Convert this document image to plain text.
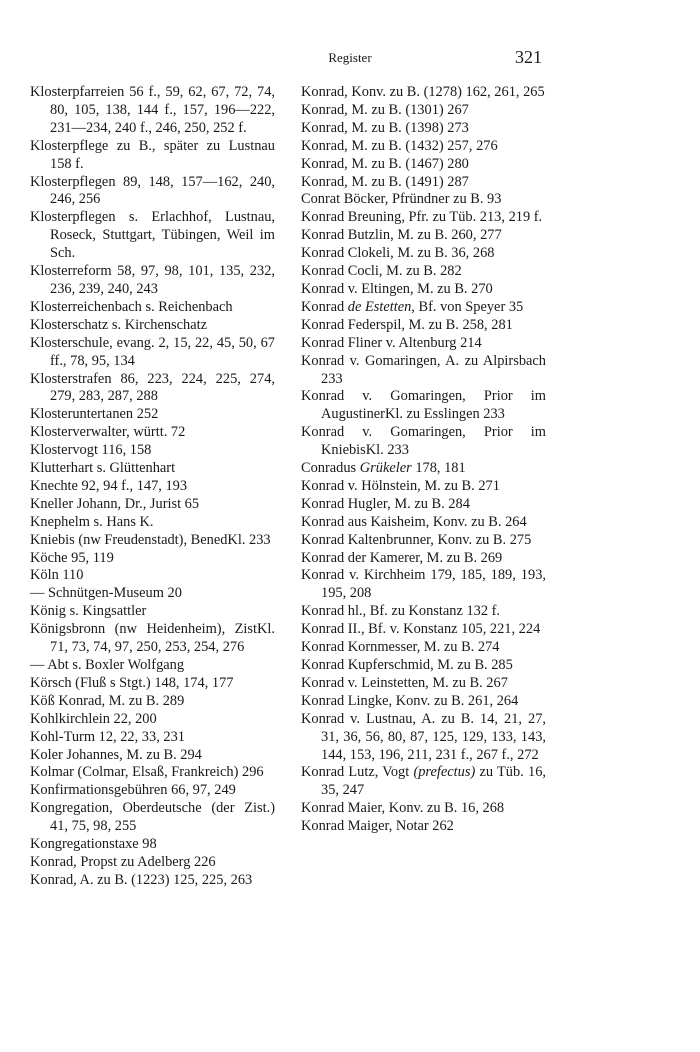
Register	321

Klosterpfarreien 56 f., 59, 62, 67, 72, 74, 80, 105, 138, 144 f., 157, 196—222, 231—234, 240 f., 246, 250, 252 f.

Klosterpflege zu B., später zu Lustnau 158 f.

Klosterpflegen 89, 148, 157—162, 240, 246, 256

Klosterpflegen s. Erlachhof, Lustnau, Roseck, Stuttgart, Tübingen, Weil im Sch.

Klosterreform 58, 97, 98, 101, 135, 232, 236, 239, 240, 243

Klosterreichenbach s. Reichenbach

Klosterschatz s. Kirchenschatz

Klosterschule, evang. 2, 15, 22, 45, 50, 67 ff., 78, 95, 134

Klosterstrafen 86, 223, 224, 225, 274, 279, 283, 287, 288

Klosteruntertanen 252

Klosterverwalter, württ. 72

Klostervogt 116, 158

Klutterhart s. Glüttenhart

Knechte 92, 94 f., 147, 193

Kneller Johann, Dr., Jurist 65

Knephelm s. Hans K.

Kniebis (nw Freudenstadt), BenedKl. 233

Köche 95, 119

Köln 110

— Schnütgen-Museum 20

König s. Kingsattler

Königsbronn (nw Heidenheim), ZistKl. 71, 73, 74, 97, 250, 253, 254, 276

— Abt s. Boxler Wolfgang

Körsch (Fluß s Stgt.) 148, 174, 177

Köß Konrad, M. zu B. 289

Kohlkirchlein 22, 200

Kohl-Turm 12, 22, 33, 231

Koler Johannes, M. zu B. 294

Kolmar (Colmar, Elsaß, Frankreich) 296

Konfirmationsgebühren 66, 97, 249

Kongregation, Oberdeutsche (der Zist.) 41, 75, 98, 255

Kongregationstaxe 98

Konrad, Propst zu Adelberg 226

Konrad, A. zu B. (1223) 125, 225, 263

Konrad, Konv. zu B. (1278) 162, 261, 265

Konrad, M. zu B. (1301) 267

Konrad, M. zu B. (1398) 273

Konrad, M. zu B. (1432) 257, 276

Konrad, M. zu B. (1467) 280

Konrad, M. zu B. (1491) 287

Conrat Böcker, Pfründner zu B. 93

Konrad Breuning, Pfr. zu Tüb. 213, 219 f.

Konrad Butzlin, M. zu B. 260, 277

Konrad Clokeli, M. zu B. 36, 268

Konrad Cocli, M. zu B. 282

Konrad v. Eltingen, M. zu B. 270

Konrad de Estetten, Bf. von Speyer 35

Konrad Federspil, M. zu B. 258, 281

Konrad Fliner v. Altenburg 214

Konrad v. Gomaringen, A. zu Alpirsbach 233

Konrad v. Gomaringen, Prior im AugustinerKl. zu Esslingen 233

Konrad v. Gomaringen, Prior im KniebisKl. 233

Conradus Grükeler 178, 181

Konrad v. Hölnstein, M. zu B. 271

Konrad Hugler, M. zu B. 284

Konrad aus Kaisheim, Konv. zu B. 264

Konrad Kaltenbrunner, Konv. zu B. 275

Konrad der Kamerer, M. zu B. 269

Konrad v. Kirchheim 179, 185, 189, 193, 195, 208

Konrad hl., Bf. zu Konstanz 132 f.

Konrad II., Bf. v. Konstanz 105, 221, 224

Konrad Kornmesser, M. zu B. 274

Konrad Kupferschmid, M. zu B. 285

Konrad v. Leinstetten, M. zu B. 267

Konrad Lingke, Konv. zu B. 261, 264

Konrad v. Lustnau, A. zu B. 14, 21, 27, 31, 36, 56, 80, 87, 125, 129, 133, 143, 144, 153, 196, 211, 231 f., 267 f., 272

Konrad Lutz, Vogt (prefectus) zu Tüb. 16, 35, 247

Konrad Maier, Konv. zu B. 16, 268

Konrad Maiger, Notar 262
